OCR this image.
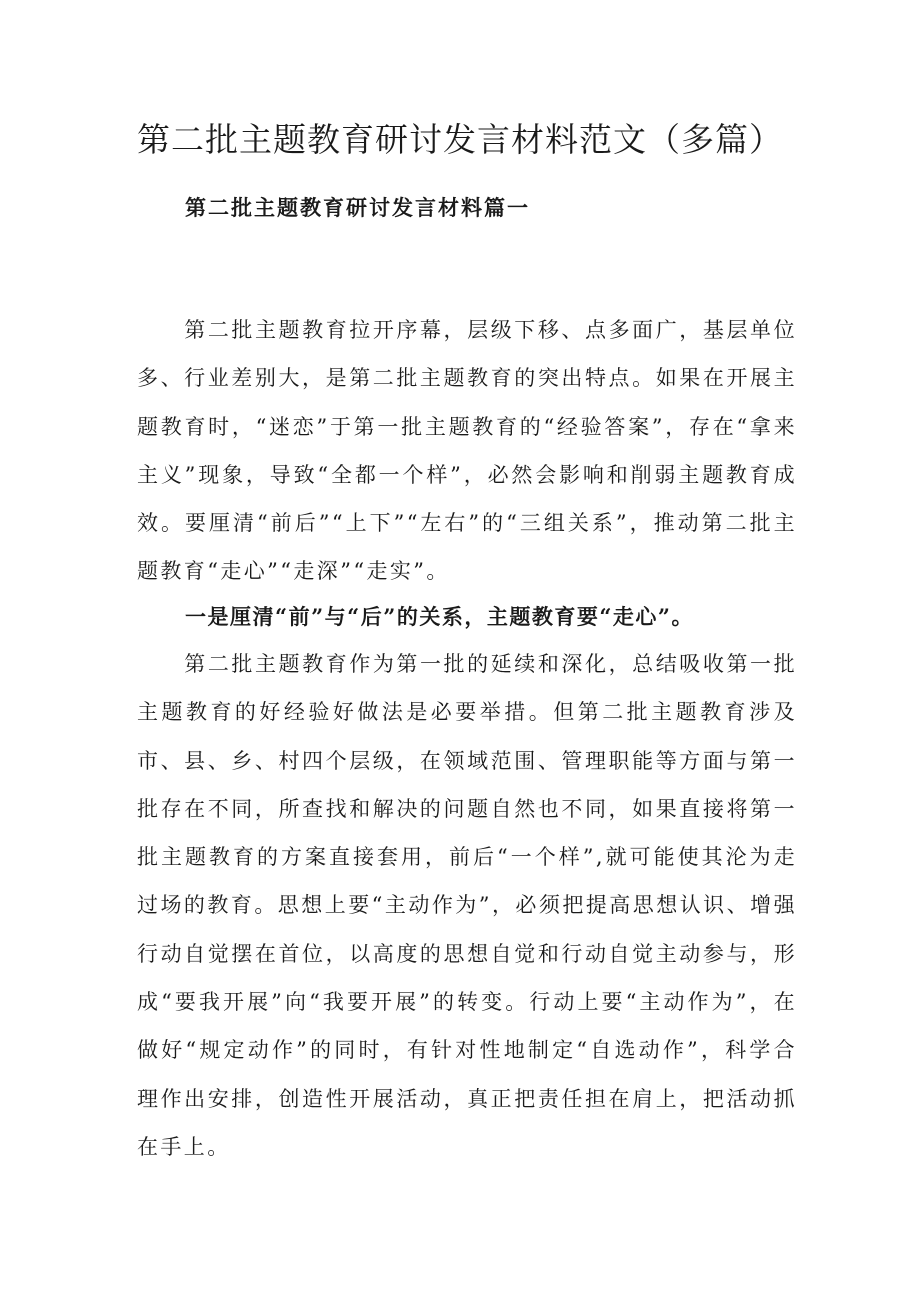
第二批主题教育研讨发言材料范文（多篇）
第二批主题教育研讨发言材料篇一

第二批主题教育拉开序幕，层级下移、点多面广，基层单位多、行业差别大，是第二批主题教育的突出特点。如果在开展主题教育时，“迷恋”于第一批主题教育的“经验答案”，存在“拿来主义”现象，导致“全都一个样”，必然会影响和削弱主题教育成效。要厘清“前后”“上下”“左右”的“三组关系”，推动第二批主题教育“走心”“走深”“走实”。

一是厘清“前”与“后”的关系，主题教育要“走心”。

第二批主题教育作为第一批的延续和深化，总结吸收第一批主题教育的好经验好做法是必要举措。但第二批主题教育涉及市、县、乡、村四个层级，在领域范围、管理职能等方面与第一批存在不同，所查找和解决的问题自然也不同，如果直接将第一批主题教育的方案直接套用，前后“一个样”,就可能使其沦为走过场的教育。思想上要“主动作为”，必须把提高思想认识、增强行动自觉摆在首位，以高度的思想自觉和行动自觉主动参与，形成“要我开展”向“我要开展”的转变。行动上要“主动作为”，在做好“规定动作”的同时，有针对性地制定“自选动作”，科学合理作出安排，创造性开展活动，真正把责任担在肩上，把活动抓在手上。
